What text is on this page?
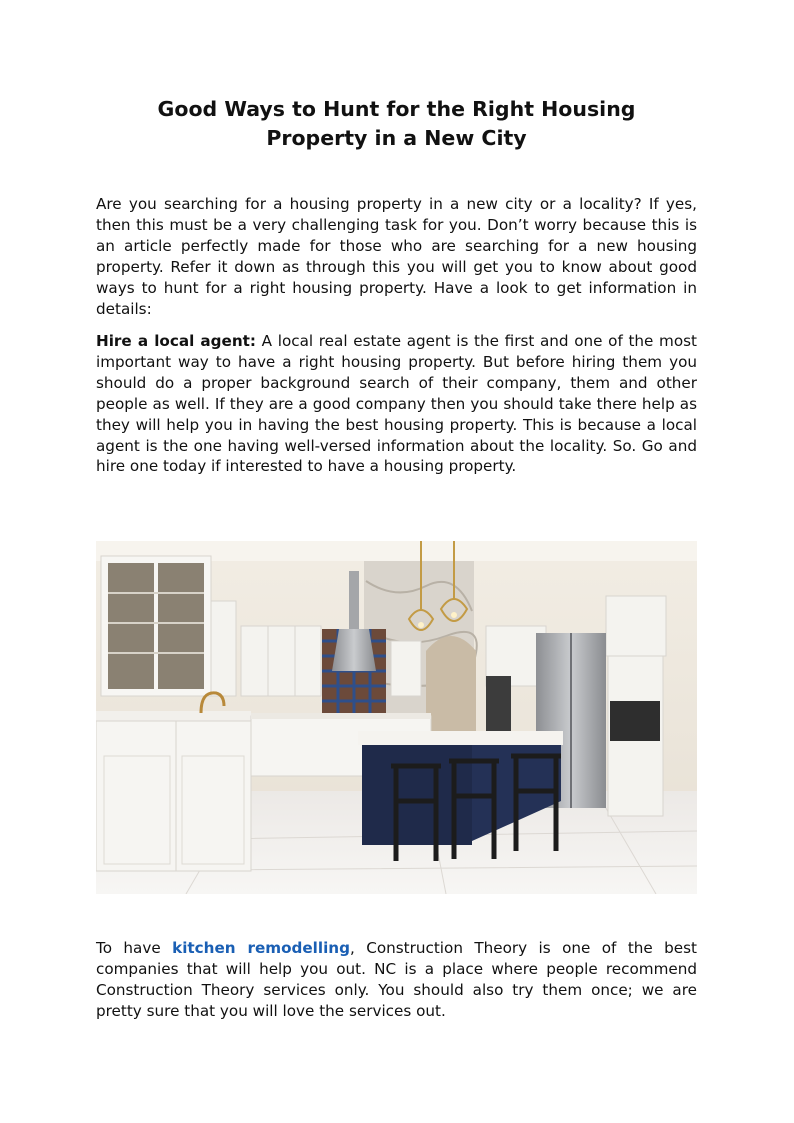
Good Ways to Hunt for the Right Housing
Property in a New City

Are you searching for a housing property in a new city or a locality? If yes, then this must be a very challenging task for you. Don’t worry because this is an article perfectly made for those who are searching for a new housing property. Refer it down as through this you will get you to know about good ways to hunt for a right housing property. Have a look to get information in details:

Hire a local agent: A local real estate agent is the first and one of the most important way to have a right housing property. But before hiring them you should do a proper background search of their company, them and other people as well. If they are a good company then you should take there help as they will help you in having the best housing property. This is because a local agent is the one having well-versed information about the locality. So. Go and hire one today if interested to have a housing property.

To have kitchen remodelling, Construction Theory is one of the best companies that will help you out. NC is a place where people recommend Construction Theory services only. You should also try them once; we are pretty sure that you will love the services out.
